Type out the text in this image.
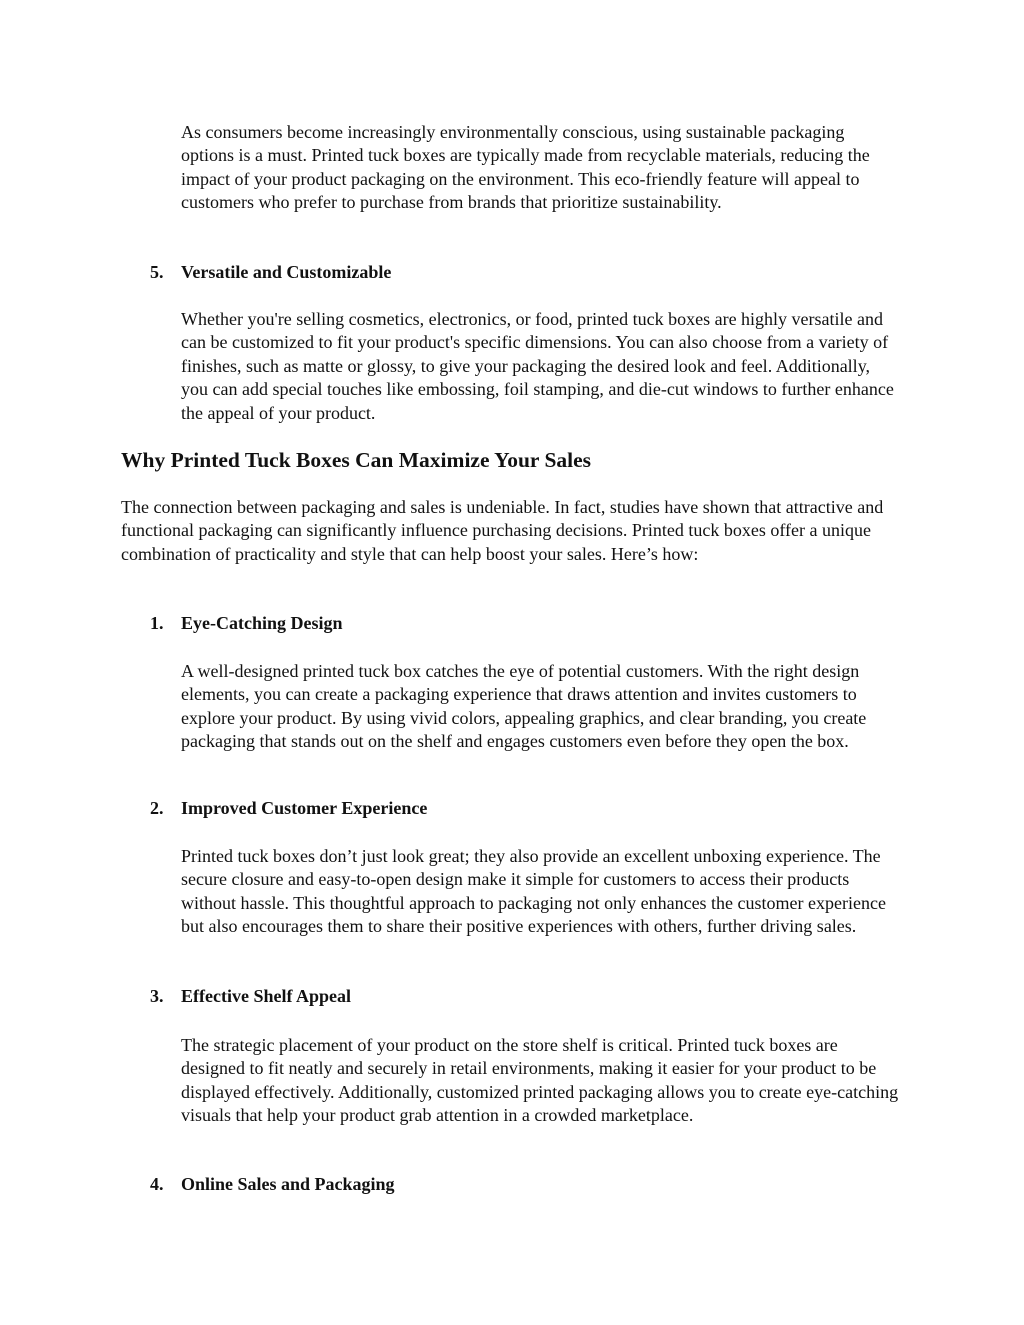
As consumers become increasingly environmentally conscious, using sustainable packaging options is a must. Printed tuck boxes are typically made from recyclable materials, reducing the impact of your product packaging on the environment. This eco-friendly feature will appeal to customers who prefer to purchase from brands that prioritize sustainability.

5. Versatile and Customizable

Whether you're selling cosmetics, electronics, or food, printed tuck boxes are highly versatile and can be customized to fit your product's specific dimensions. You can also choose from a variety of finishes, such as matte or glossy, to give your packaging the desired look and feel. Additionally, you can add special touches like embossing, foil stamping, and die-cut windows to further enhance the appeal of your product.

Why Printed Tuck Boxes Can Maximize Your Sales

The connection between packaging and sales is undeniable. In fact, studies have shown that attractive and functional packaging can significantly influence purchasing decisions. Printed tuck boxes offer a unique combination of practicality and style that can help boost your sales. Here’s how:

1. Eye-Catching Design

A well-designed printed tuck box catches the eye of potential customers. With the right design elements, you can create a packaging experience that draws attention and invites customers to explore your product. By using vivid colors, appealing graphics, and clear branding, you create packaging that stands out on the shelf and engages customers even before they open the box.

2. Improved Customer Experience

Printed tuck boxes don’t just look great; they also provide an excellent unboxing experience. The secure closure and easy-to-open design make it simple for customers to access their products without hassle. This thoughtful approach to packaging not only enhances the customer experience but also encourages them to share their positive experiences with others, further driving sales.

3. Effective Shelf Appeal

The strategic placement of your product on the store shelf is critical. Printed tuck boxes are designed to fit neatly and securely in retail environments, making it easier for your product to be displayed effectively. Additionally, customized printed packaging allows you to create eye-catching visuals that help your product grab attention in a crowded marketplace.

4. Online Sales and Packaging
